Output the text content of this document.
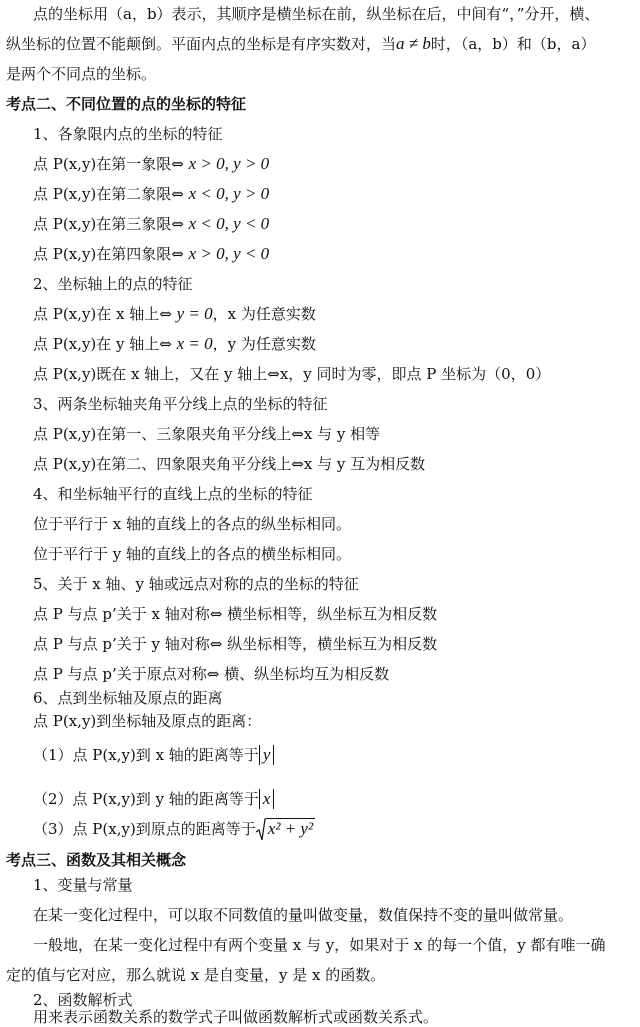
点的坐标用（a，b）表示，其顺序是横坐标在前，纵坐标在后，中间有“，”分开，横、
纵坐标的位置不能颠倒。平面内点的坐标是有序实数对，当a ≠ b时，（a，b）和（b，a）
是两个不同点的坐标。
考点二、不同位置的点的坐标的特征
1、各象限内点的坐标的特征
点 P(x,y)在第一象限⇔ x > 0, y > 0
点 P(x,y)在第二象限⇔ x < 0, y > 0
点 P(x,y)在第三象限⇔ x < 0, y < 0
点 P(x,y)在第四象限⇔ x > 0, y < 0
2、坐标轴上的点的特征
点 P(x,y)在 x 轴上⇔ y = 0，x 为任意实数
点 P(x,y)在 y 轴上⇔ x = 0，y 为任意实数
点 P(x,y)既在 x 轴上，又在 y 轴上⇔x，y 同时为零，即点 P 坐标为（0，0）
3、两条坐标轴夹角平分线上点的坐标的特征
点 P(x,y)在第一、三象限夹角平分线上⇔x 与 y 相等
点 P(x,y)在第二、四象限夹角平分线上⇔x 与 y 互为相反数
4、和坐标轴平行的直线上点的坐标的特征
位于平行于 x 轴的直线上的各点的纵坐标相同。
位于平行于 y 轴的直线上的各点的横坐标相同。
5、关于 x 轴、y 轴或远点对称的点的坐标的特征
点 P 与点 p’关于 x 轴对称⇔ 横坐标相等，纵坐标互为相反数
点 P 与点 p’关于 y 轴对称⇔ 纵坐标相等，横坐标互为相反数
点 P 与点 p’关于原点对称⇔ 横、纵坐标均互为相反数
6、点到坐标轴及原点的距离
点 P(x,y)到坐标轴及原点的距离：
（1）点 P(x,y)到 x 轴的距离等于 y
（2）点 P(x,y)到 y 轴的距离等于 x
（3）点 P(x,y)到原点的距离等于 x² + y²
考点三、函数及其相关概念
1、变量与常量
在某一变化过程中，可以取不同数值的量叫做变量，数值保持不变的量叫做常量。
一般地，在某一变化过程中有两个变量 x 与 y，如果对于 x 的每一个值，y 都有唯一确
定的值与它对应，那么就说 x 是自变量，y 是 x 的函数。
2、函数解析式
用来表示函数关系的数学式子叫做函数解析式或函数关系式。
